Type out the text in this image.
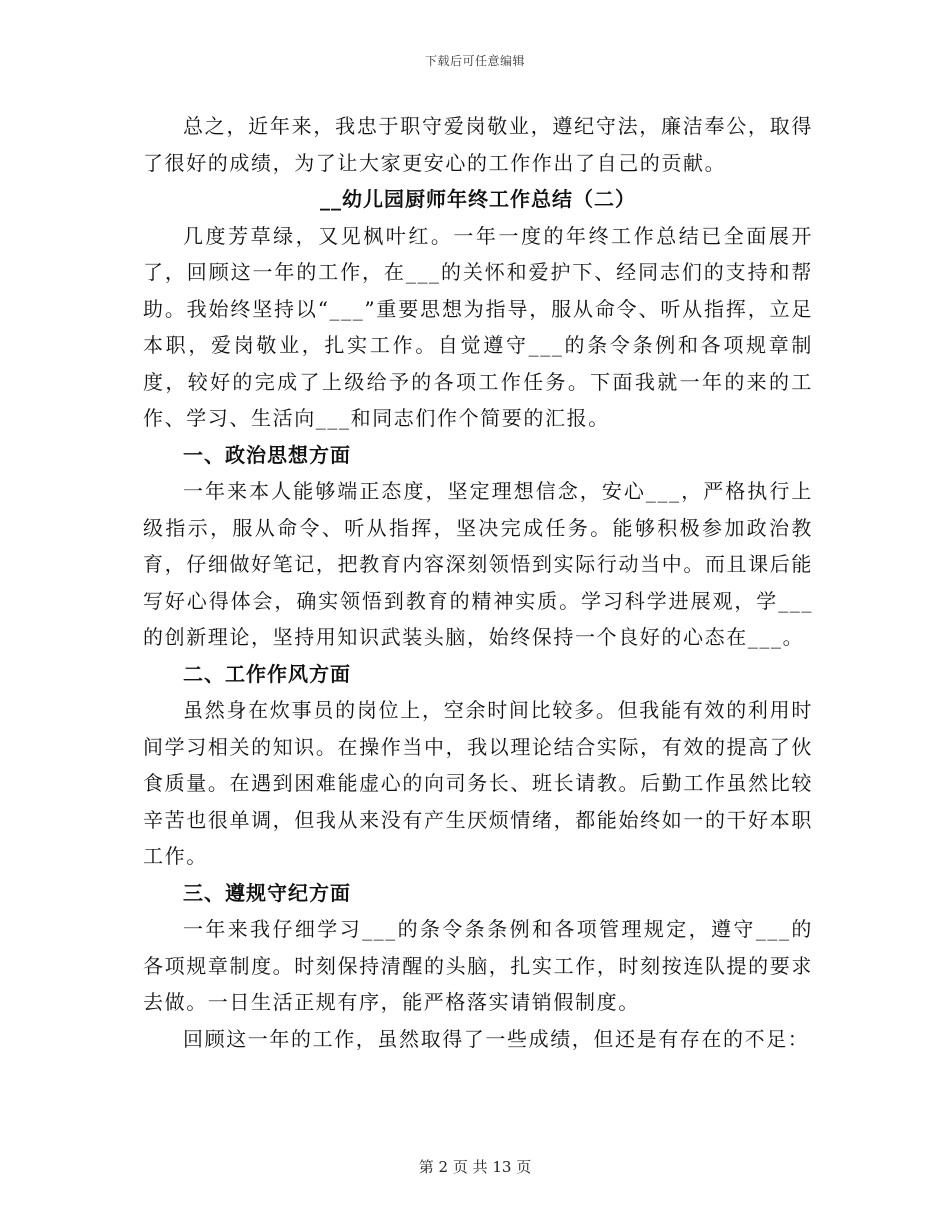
下载后可任意编辑

总之，近年来，我忠于职守爱岗敬业，遵纪守法，廉洁奉公，取得了很好的成绩，为了让大家更安心的工作作出了自己的贡献。

__幼儿园厨师年终工作总结（二）

几度芳草绿，又见枫叶红。一年一度的年终工作总结已全面展开了，回顾这一年的工作，在___的关怀和爱护下、经同志们的支持和帮助。我始终坚持以“___”重要思想为指导，服从命令、听从指挥，立足本职，爱岗敬业，扎实工作。自觉遵守___的条令条例和各项规章制度，较好的完成了上级给予的各项工作任务。下面我就一年的来的工作、学习、生活向___和同志们作个简要的汇报。

一、政治思想方面

一年来本人能够端正态度，坚定理想信念，安心___，严格执行上级指示，服从命令、听从指挥，坚决完成任务。能够积极参加政治教育，仔细做好笔记，把教育内容深刻领悟到实际行动当中。而且课后能写好心得体会，确实领悟到教育的精神实质。学习科学进展观，学___的创新理论，坚持用知识武装头脑，始终保持一个良好的心态在___。

二、工作作风方面

虽然身在炊事员的岗位上，空余时间比较多。但我能有效的利用时间学习相关的知识。在操作当中，我以理论结合实际，有效的提高了伙食质量。在遇到困难能虚心的向司务长、班长请教。后勤工作虽然比较辛苦也很单调，但我从来没有产生厌烦情绪，都能始终如一的干好本职工作。

三、遵规守纪方面

一年来我仔细学习___的条令条条例和各项管理规定，遵守___的各项规章制度。时刻保持清醒的头脑，扎实工作，时刻按连队提的要求去做。一日生活正规有序，能严格落实请销假制度。

回顾这一年的工作，虽然取得了一些成绩，但还是有存在的不足：

第 2 页 共 13 页
